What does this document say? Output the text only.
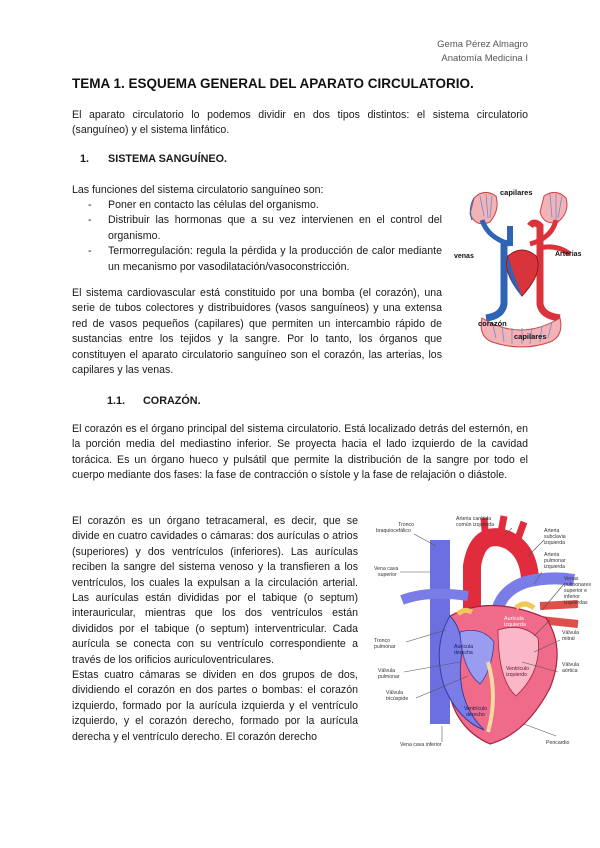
Gema Pérez Almagro
Anatomía Medicina I
TEMA 1. ESQUEMA GENERAL DEL APARATO CIRCULATORIO.

El aparato circulatorio lo podemos dividir en dos tipos distintos: el sistema circulatorio (sanguíneo) y el sistema linfático.

1. SISTEMA SANGUÍNEO.

Las funciones del sistema circulatorio sanguíneo son:

- Poner en contacto las células del organismo.
- Distribuir las hormonas que a su vez intervienen en el control del organismo.
- Termorregulación: regula la pérdida y la producción de calor mediante un mecanismo por vasodilatación/vasoconstricción.

El sistema cardiovascular está constituido por una bomba (el corazón), una serie de tubos colectores y distribuidores (vasos sanguíneos) y una extensa red de vasos pequeños (capilares) que permiten un intercambio rápido de sustancias entre los tejidos y la sangre. Por lo tanto, los órganos que constituyen el aparato circulatorio sanguíneo son el corazón, las arterias, los capilares y las venas.

capilares
venas	Arterias
corazón
capilares
1.1. CORAZÓN.

El corazón es el órgano principal del sistema circulatorio. Está localizado detrás del esternón, en la porción media del mediastino inferior. Se proyecta hacia el lado izquierdo de la cavidad torácica. Es un órgano hueco y pulsátil que permite la distribución de la sangre por todo el cuerpo mediante dos fases: la fase de contracción o sístole y la fase de relajación o diástole.

El corazón es un órgano tetracameral, es decir, que se divide en cuatro cavidades o cámaras: dos aurículas o atrios (superiores) y dos ventrículos (inferiores). Las aurículas reciben la sangre del sistema venoso y la transfieren a los ventrículos, los cuales la expulsan a la circulación arterial. Las aurículas están divididas por el tabique (o septum) interauricular, mientras que los dos ventrículos están divididos por el tabique (o septum) interventricular. Cada aurícula se conecta con su ventrículo correspondiente a través de los orificios auriculoventriculares.

Estas cuatro cámaras se dividen en dos grupos de dos, dividiendo el corazón en dos partes o bombas: el corazón izquierdo, formado por la aurícula izquierda y el ventrículo izquierdo, y el corazón derecho, formado por la aurícula derecha y el ventrículo derecho. El corazón derecho

Arteria carótida
común izquierda
Tronco
braquiocefálico	Arteria
subclavia
izquierda
Arteria
pulmonar
izquierda
Vena cava
superior
Venas
pulmonares
superior e
inferior
izquierdas
Válvula
mitral
Tronco
pulmonar
Válvula
aórtica
Válvula
pulmonar
Válvula
tricúspide
Vena cava inferior	Pericardio
Aorta
Aurícula
izquierda
Aurícula
derecha
Ventrículo
derecho
Ventrículo
izquierdo
